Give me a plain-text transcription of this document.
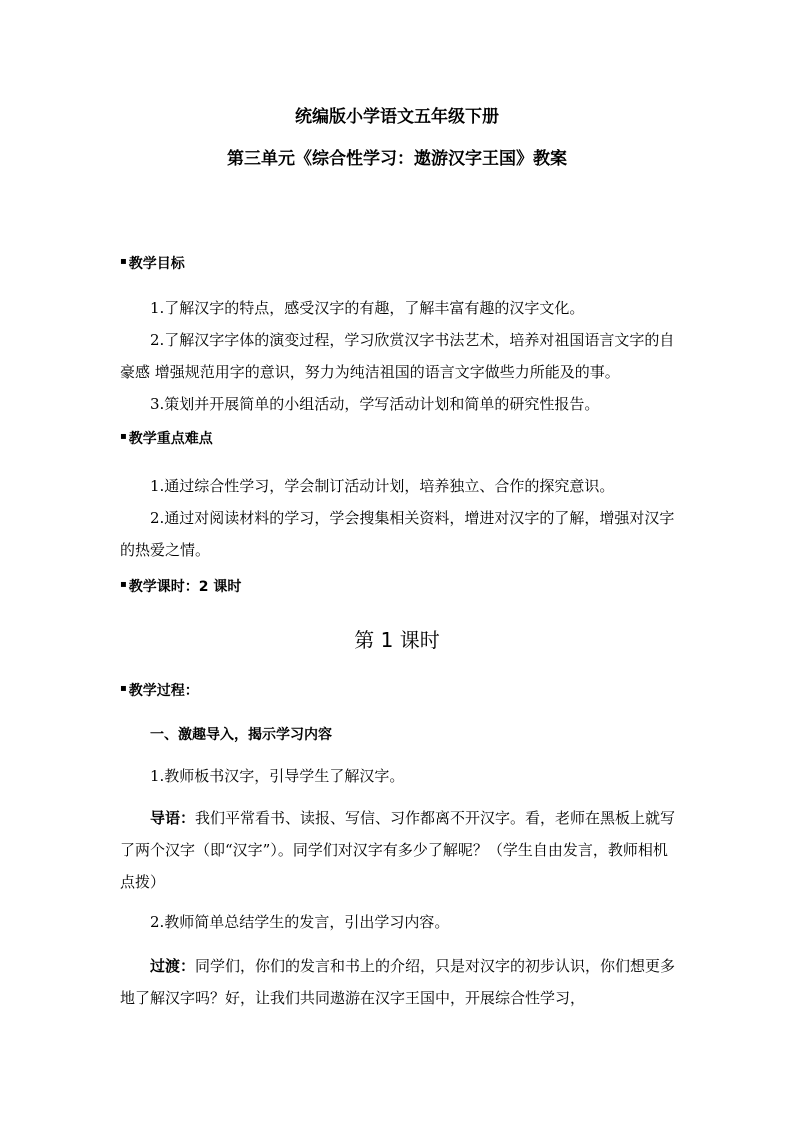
统编版小学语文五年级下册
第三单元《综合性学习：遨游汉字王国》教案
▪ 教学目标
1.了解汉字的特点，感受汉字的有趣，了解丰富有趣的汉字文化。
2.了解汉字字体的演变过程，学习欣赏汉字书法艺术，培养对祖国语言文字的自豪感 增强规范用字的意识，努力为纯洁祖国的语言文字做些力所能及的事。
3.策划并开展简单的小组活动，学写活动计划和简单的研究性报告。
▪ 教学重点难点
1.通过综合性学习，学会制订活动计划，培养独立、合作的探究意识。
2.通过对阅读材料的学习，学会搜集相关资料，增进对汉字的了解，增强对汉字的热爱之情。
▪ 教学课时：2 课时
第 1 课时
▪ 教学过程：
一、激趣导入，揭示学习内容
1.教师板书汉字，引导学生了解汉字。
导语：我们平常看书、读报、写信、习作都离不开汉字。看，老师在黑板上就写了两个汉字（即“汉字”）。同学们对汉字有多少了解呢？（学生自由发言，教师相机点拨）
2.教师简单总结学生的发言，引出学习内容。
过渡：同学们，你们的发言和书上的介绍，只是对汉字的初步认识，你们想更多地了解汉字吗？好，让我们共同遨游在汉字王国中，开展综合性学习，
